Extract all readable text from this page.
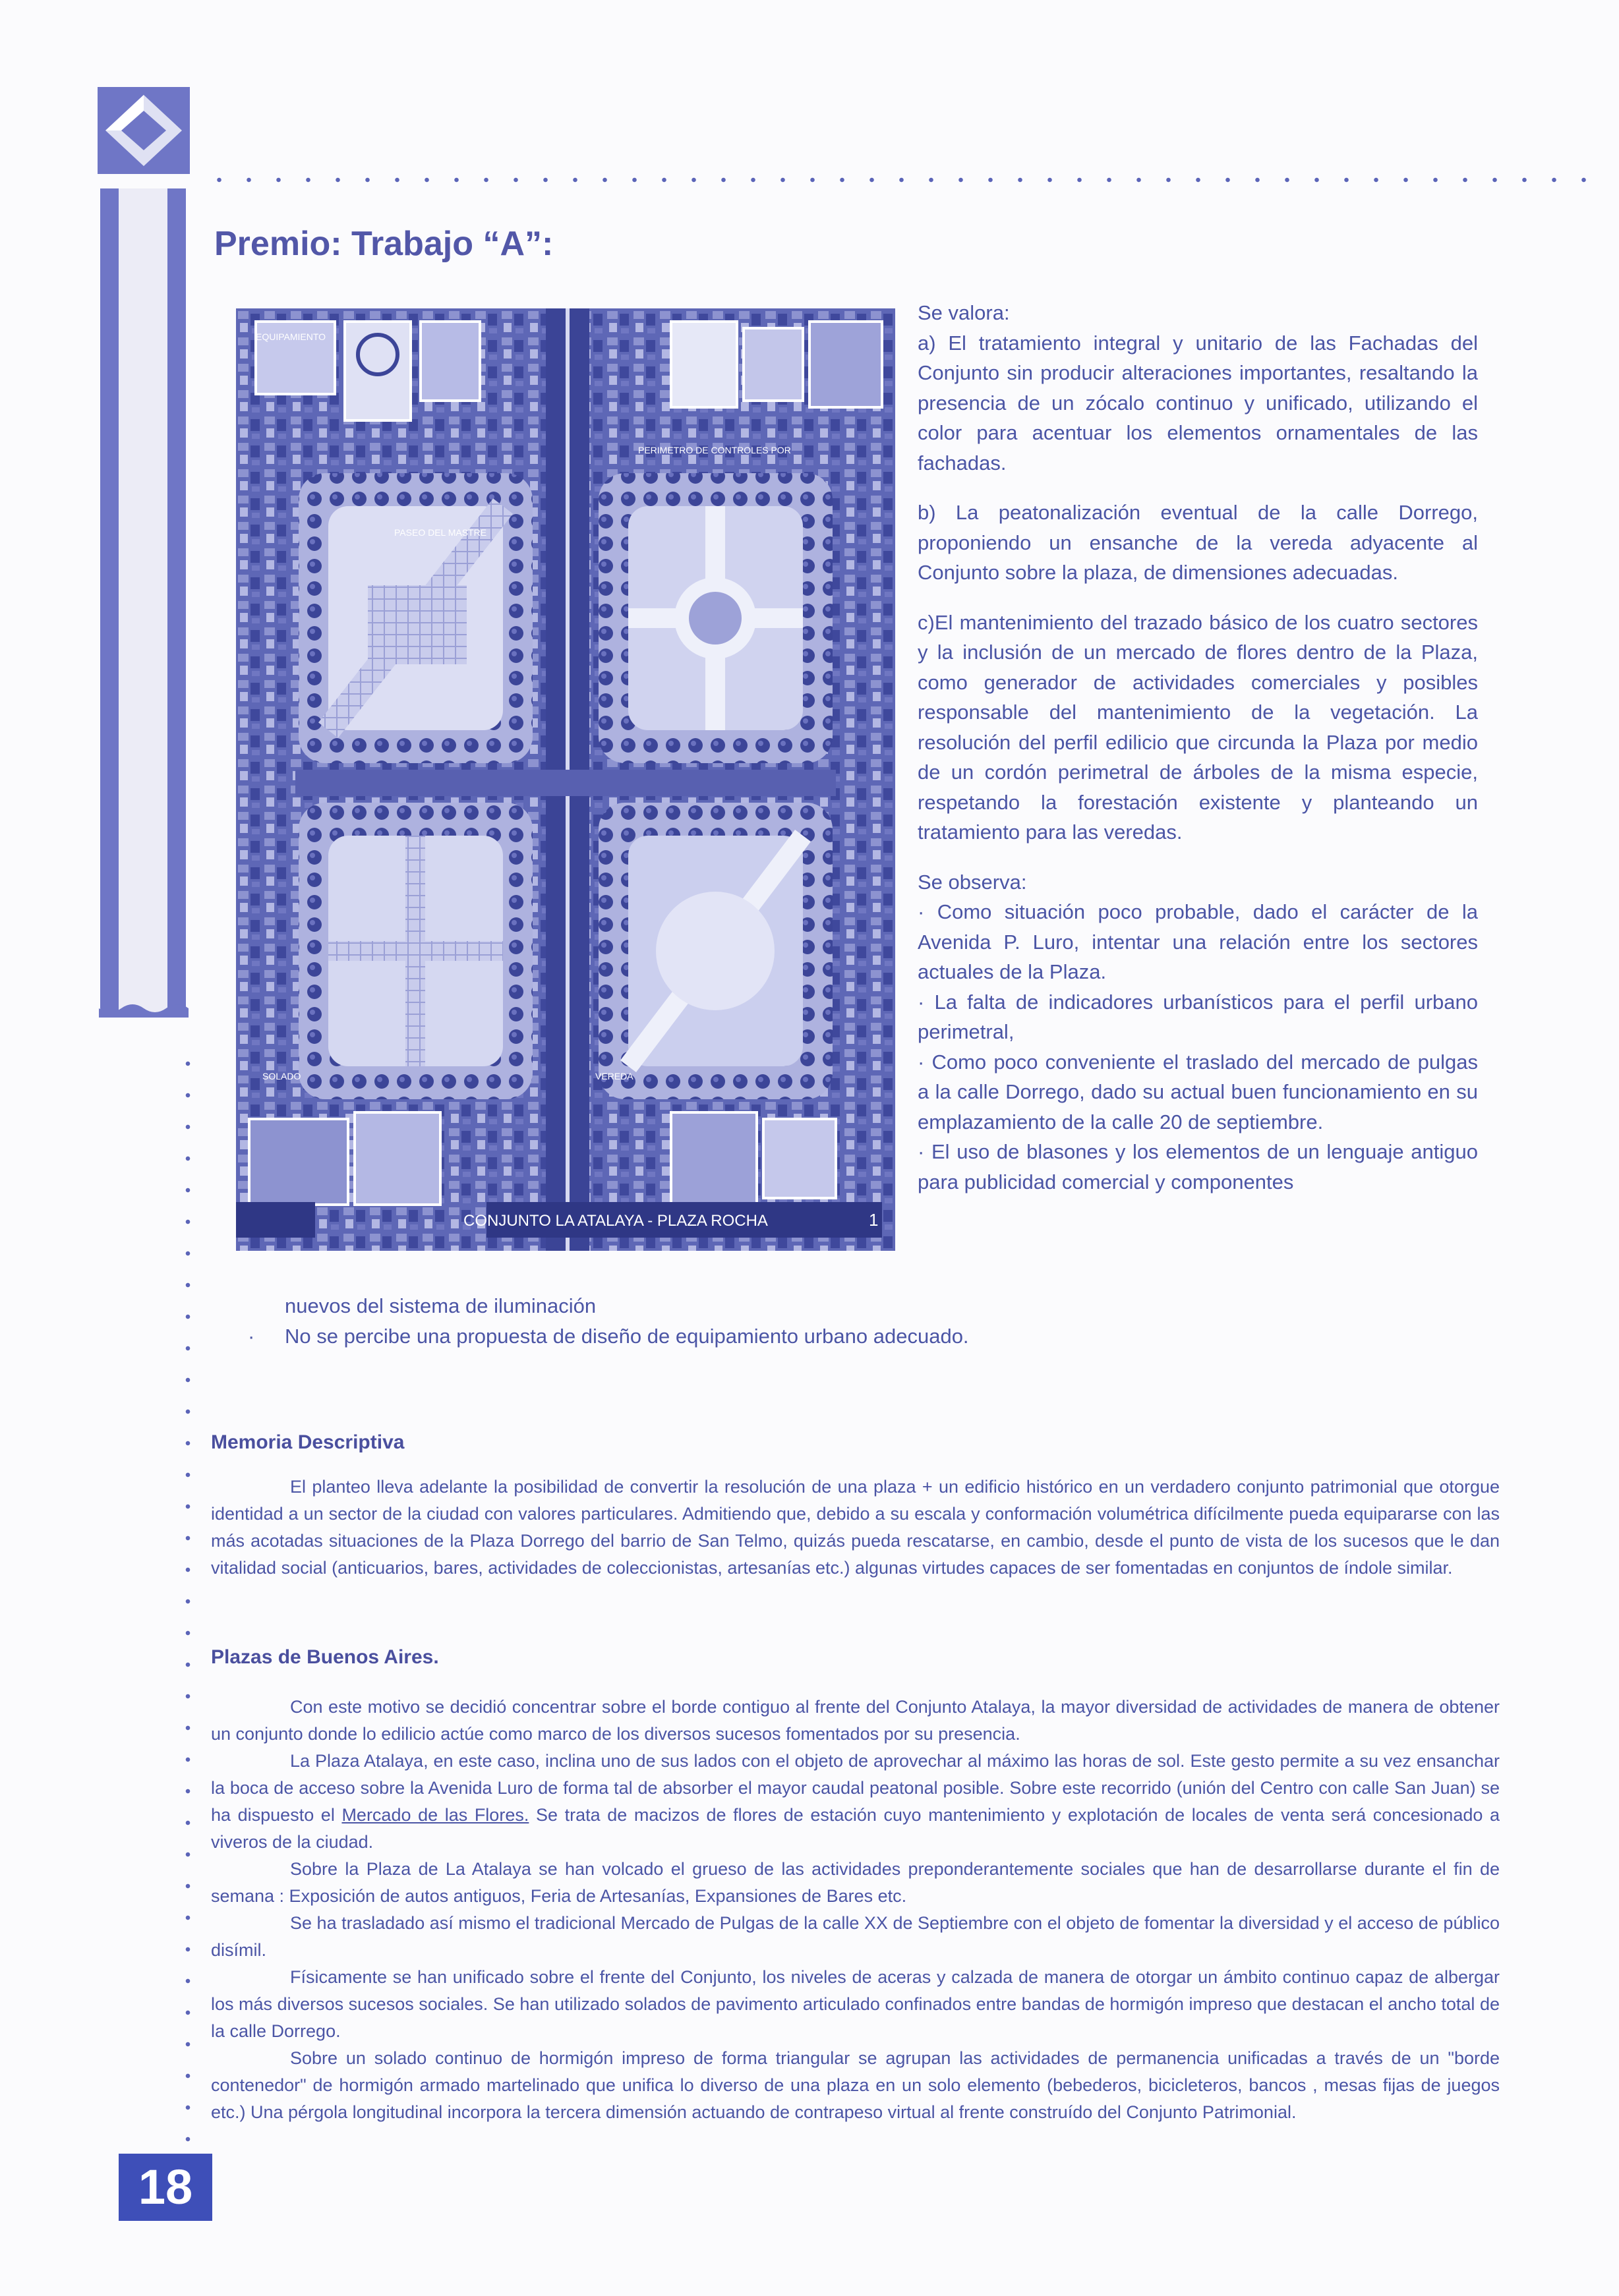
Premio: Trabajo “A”:
EQUIPAMIENTO
PERIMETRO DE CONTROLES POR
PASEO DEL MASTRE
SOLADO	VEREDA
CONJUNTO LA ATALAYA - PLAZA ROCHA	1

Se valora:

a) El tratamiento integral y unitario de las Fachadas del Conjunto sin producir alteraciones importantes, resaltando la presencia de un zócalo continuo y unificado, utilizando el color para acentuar los elementos ornamentales de las fachadas.

b) La peatonalización eventual de la calle Dorrego, proponiendo un ensanche de la vereda adyacente al Conjunto sobre la plaza, de dimensiones adecuadas.

c)El mantenimiento del trazado básico de los cuatro sectores y la inclusión de un mercado de flores dentro de la Plaza, como generador de actividades comerciales y posibles responsable del mantenimiento de la vegetación. La resolución del perfil edilicio que circunda la Plaza por medio de un cordón perimetral de árboles de la misma especie, respetando la forestación existente y planteando un tratamiento para las veredas.

Se observa:

· Como situación poco probable, dado el carácter de la Avenida P. Luro, intentar una relación entre los sectores actuales de la Plaza.

· La falta de indicadores urbanísticos para el perfil urbano perimetral,

· Como poco conveniente el traslado del mercado de pulgas a la calle Dorrego, dado su actual buen funcionamiento en su emplazamiento de la calle 20 de septiembre.

· El uso de blasones y los elementos de un lenguaje antiguo para publicidad comercial y componentes

nuevos del sistema de iluminación
No se percibe una propuesta de diseño de equipamiento urbano adecuado.
·
Memoria Descriptiva

El planteo lleva adelante la posibilidad de convertir la resolución de una plaza + un edificio histórico en un verdadero conjunto patrimonial que otorgue identidad a un sector de la ciudad con valores particulares. Admitiendo que, debido a su escala y conformación volumétrica difícilmente pueda equipararse con las más acotadas situaciones de la Plaza Dorrego del barrio de San Telmo, quizás pueda rescatarse, en cambio, desde el punto de vista de los sucesos que le dan vitalidad social (anticuarios, bares, actividades de coleccionistas, artesanías etc.) algunas virtudes capaces de ser fomentadas en conjuntos de índole similar.

Plazas de Buenos Aires.

Con este motivo se decidió concentrar sobre el borde contiguo al frente del Conjunto Atalaya, la mayor diversidad de actividades de manera de obtener un conjunto donde lo edilicio actúe como marco de los diversos sucesos fomentados por su presencia.

La Plaza Atalaya, en este caso, inclina uno de sus lados con el objeto de aprovechar al máximo las horas de sol. Este gesto permite a su vez ensanchar la boca de acceso sobre la Avenida Luro de forma tal de absorber el mayor caudal peatonal posible. Sobre este recorrido (unión del Centro con calle San Juan) se ha dispuesto el Mercado de las Flores. Se trata de macizos de flores de estación cuyo mantenimiento y explotación de locales de venta será concesionado a viveros de la ciudad.

Sobre la Plaza de La Atalaya se han volcado el grueso de las actividades preponderantemente sociales que han de desarrollarse durante el fin de semana : Exposición de autos antiguos, Feria de Artesanías, Expansiones de Bares etc.

Se ha trasladado así mismo el tradicional Mercado de Pulgas de la calle XX de Septiembre con el objeto de fomentar la diversidad y el acceso de público disímil.

Físicamente se han unificado sobre el frente del Conjunto, los niveles de aceras y calzada de manera de otorgar un ámbito continuo capaz de albergar los más diversos sucesos sociales. Se han utilizado solados de pavimento articulado confinados entre bandas de hormigón impreso que destacan el ancho total de la calle Dorrego.

Sobre un solado continuo de hormigón impreso de forma triangular se agrupan las actividades de permanencia unificadas a través de un "borde contenedor" de hormigón armado martelinado que unifica lo diverso de una plaza en un solo elemento (bebederos, bicicleteros, bancos , mesas fijas de juegos etc.) Una pérgola longitudinal incorpora la tercera dimensión actuando de contrapeso virtual al frente construído del Conjunto Patrimonial.

18
